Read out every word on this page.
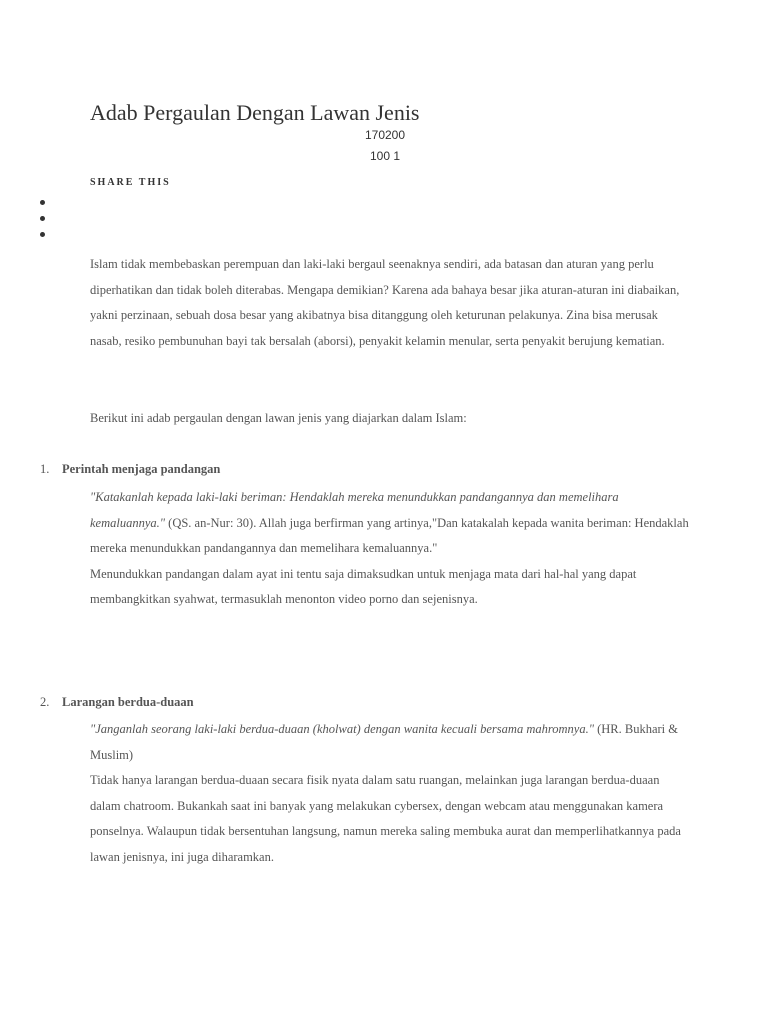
Adab Pergaulan Dengan Lawan Jenis
170200
100 1
SHARE THIS

Islam tidak membebaskan perempuan dan laki-laki bergaul seenaknya sendiri, ada batasan dan aturan yang perlu diperhatikan dan tidak boleh diterabas. Mengapa demikian? Karena ada bahaya besar jika aturan-aturan ini diabaikan, yakni perzinaan, sebuah dosa besar yang akibatnya bisa ditanggung oleh keturunan pelakunya. Zina bisa merusak nasab, resiko pembunuhan bayi tak bersalah (aborsi), penyakit kelamin menular, serta penyakit berujung kematian.

Berikut ini adab pergaulan dengan lawan jenis yang diajarkan dalam Islam:

1. Perintah menjaga pandangan
"Katakanlah kepada laki-laki beriman: Hendaklah mereka menundukkan pandangannya dan memelihara kemaluannya." (QS. an-Nur: 30). Allah juga berfirman yang artinya,"Dan katakalah kepada wanita beriman: Hendaklah mereka menundukkan pandangannya dan memelihara kemaluannya."
Menundukkan pandangan dalam ayat ini tentu saja dimaksudkan untuk menjaga mata dari hal-hal yang dapat membangkitkan syahwat, termasuklah menonton video porno dan sejenisnya.
2. Larangan berdua-duaan
"Janganlah seorang laki-laki berdua-duaan (kholwat) dengan wanita kecuali bersama mahromnya." (HR. Bukhari & Muslim)
Tidak hanya larangan berdua-duaan secara fisik nyata dalam satu ruangan, melainkan juga larangan berdua-duaan dalam chatroom. Bukankah saat ini banyak yang melakukan cybersex, dengan webcam atau menggunakan kamera ponselnya. Walaupun tidak bersentuhan langsung, namun mereka saling membuka aurat dan memperlihatkannya pada lawan jenisnya, ini juga diharamkan.
